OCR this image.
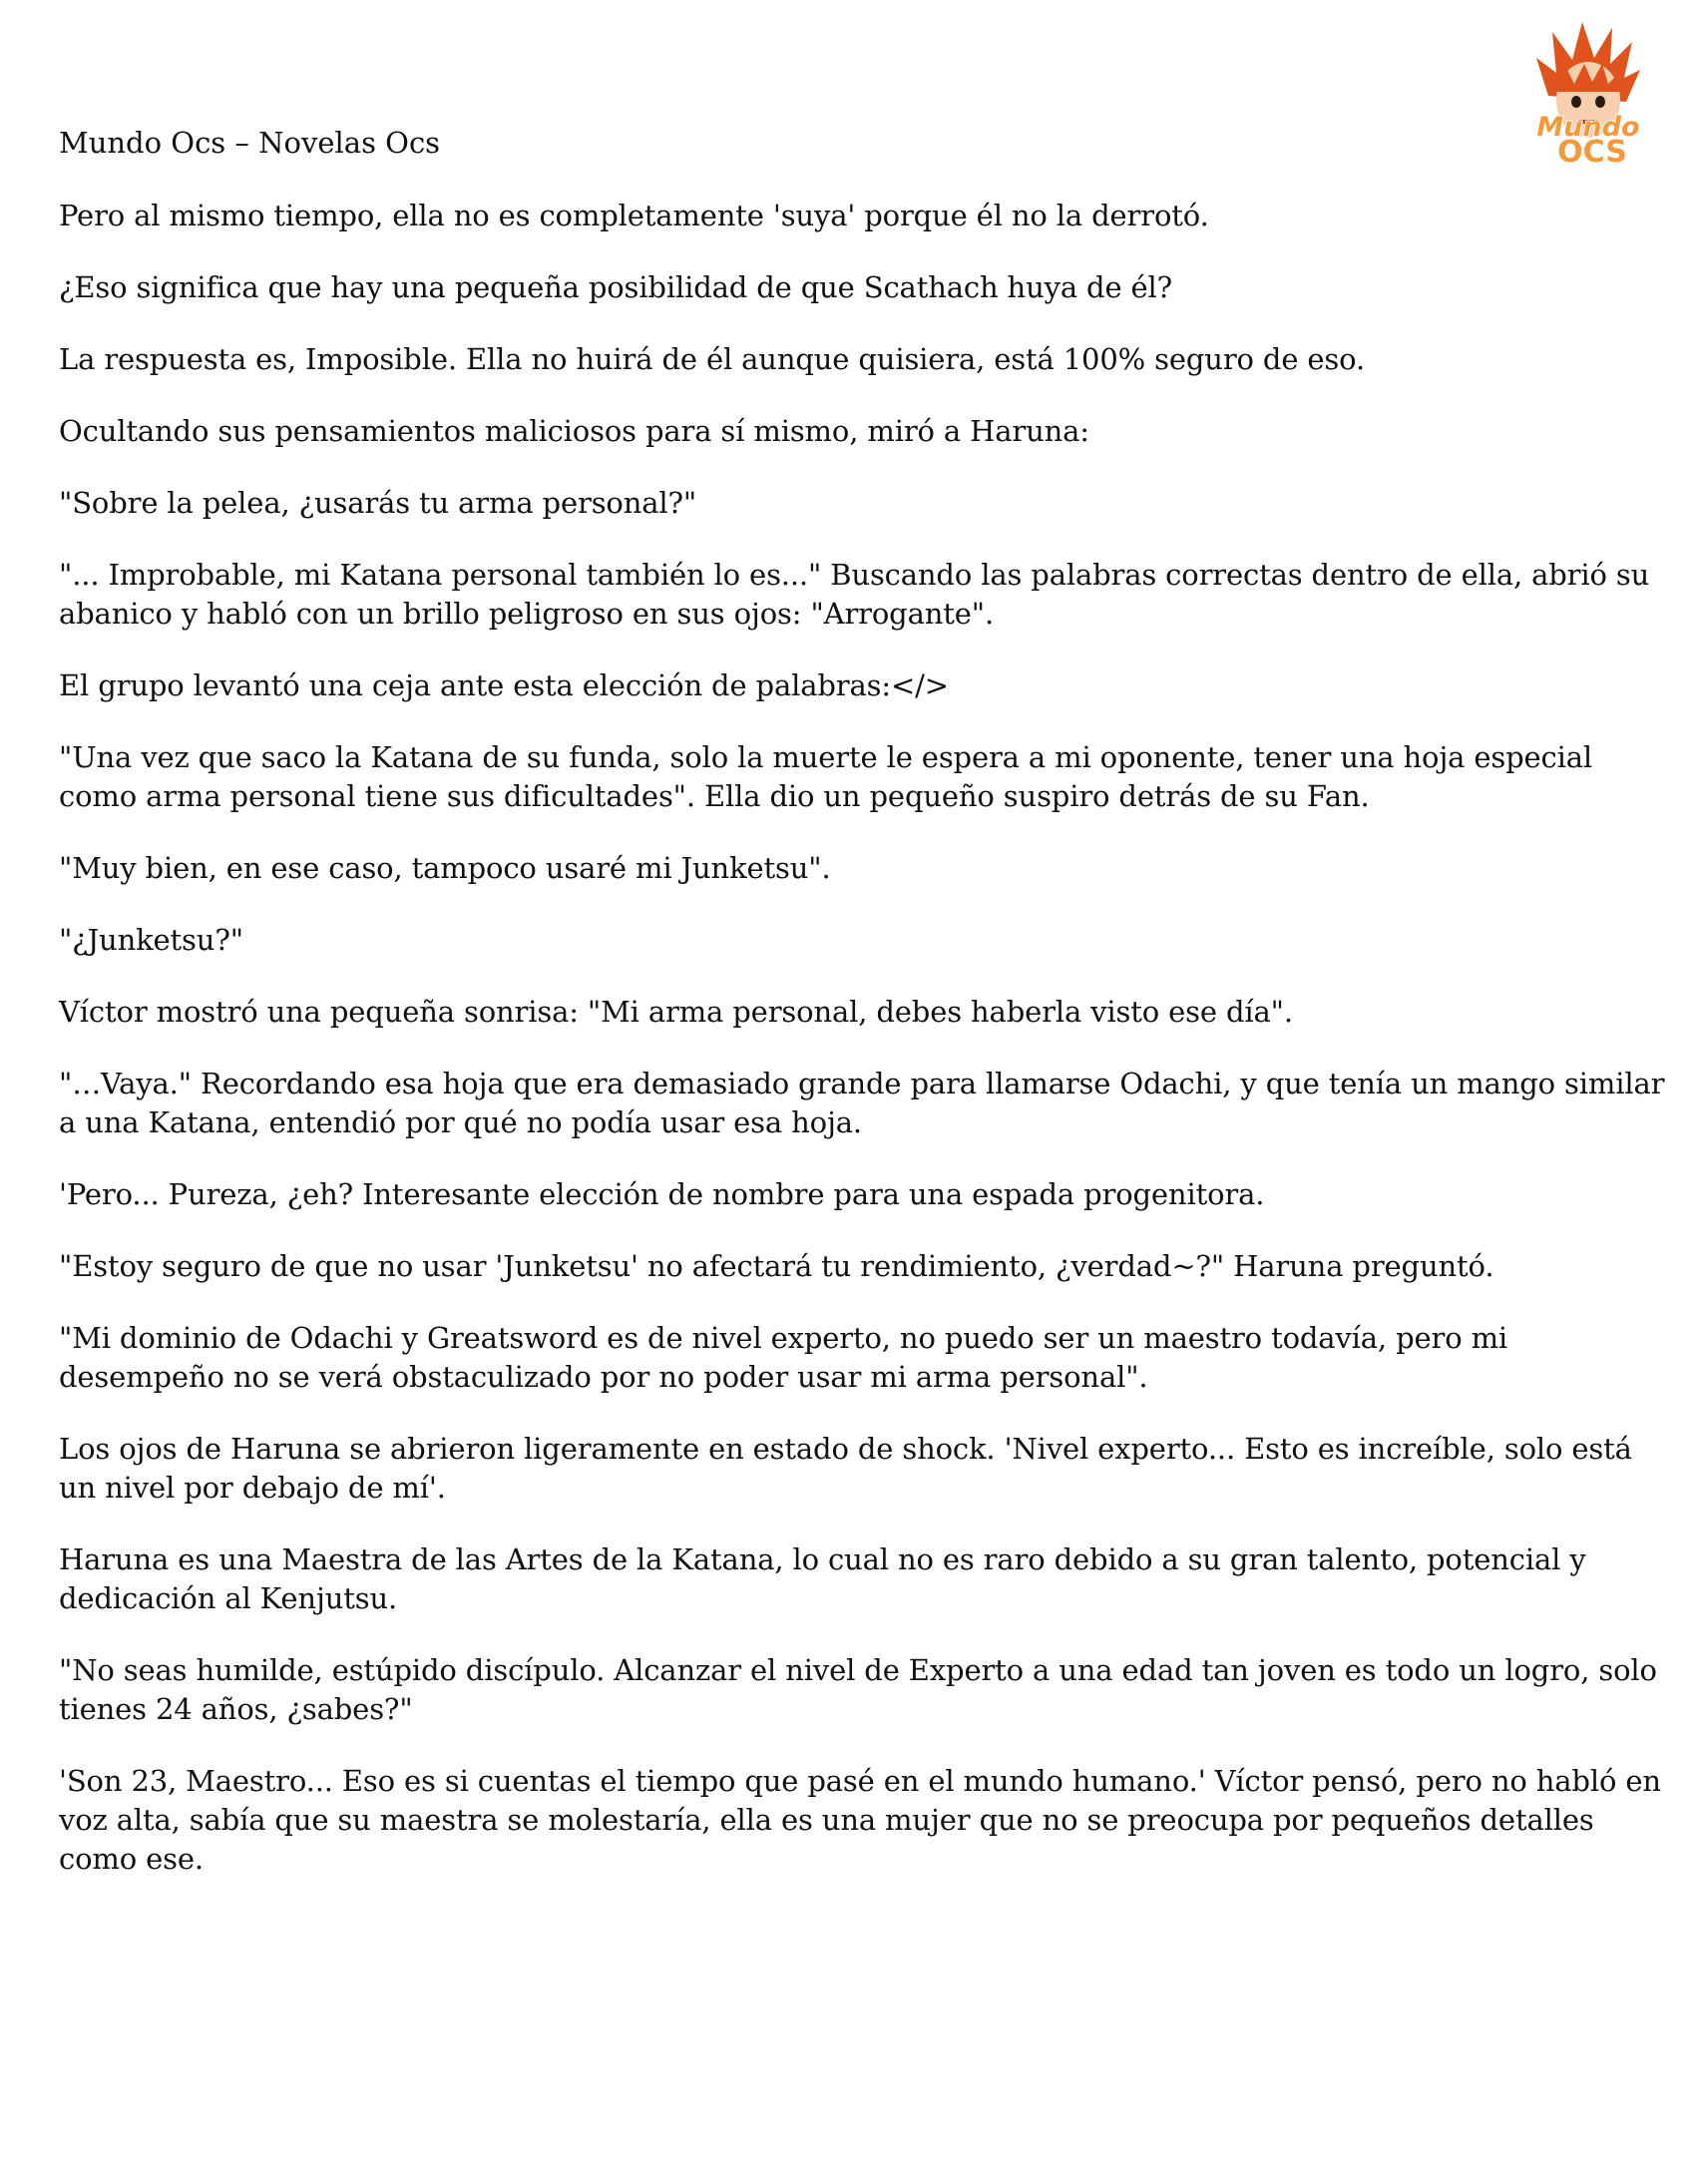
Mundo
OCS
Mundo Ocs – Novelas Ocs

Pero al mismo tiempo, ella no es completamente 'suya' porque él no la derrotó.

¿Eso significa que hay una pequeña posibilidad de que Scathach huya de él?

La respuesta es, Imposible. Ella no huirá de él aunque quisiera, está 100% seguro de eso.

Ocultando sus pensamientos maliciosos para sí mismo, miró a Haruna:

"Sobre la pelea, ¿usarás tu arma personal?"

"... Improbable, mi Katana personal también lo es..." Buscando las palabras correctas dentro de ella, abrió su abanico y habló con un brillo peligroso en sus ojos: "Arrogante".

El grupo levantó una ceja ante esta elección de palabras:</>

"Una vez que saco la Katana de su funda, solo la muerte le espera a mi oponente, tener una hoja especial como arma personal tiene sus dificultades". Ella dio un pequeño suspiro detrás de su Fan.

"Muy bien, en ese caso, tampoco usaré mi Junketsu".

"¿Junketsu?"

Víctor mostró una pequeña sonrisa: "Mi arma personal, debes haberla visto ese día".

"…Vaya." Recordando esa hoja que era demasiado grande para llamarse Odachi, y que tenía un mango similar a una Katana, entendió por qué no podía usar esa hoja.

'Pero... Pureza, ¿eh? Interesante elección de nombre para una espada progenitora.

"Estoy seguro de que no usar 'Junketsu' no afectará tu rendimiento, ¿verdad~?" Haruna preguntó.

"Mi dominio de Odachi y Greatsword es de nivel experto, no puedo ser un maestro todavía, pero mi desempeño no se verá obstaculizado por no poder usar mi arma personal".

Los ojos de Haruna se abrieron ligeramente en estado de shock. 'Nivel experto... Esto es increíble, solo está un nivel por debajo de mí'.

Haruna es una Maestra de las Artes de la Katana, lo cual no es raro debido a su gran talento, potencial y dedicación al Kenjutsu.

"No seas humilde, estúpido discípulo. Alcanzar el nivel de Experto a una edad tan joven es todo un logro, solo tienes 24 años, ¿sabes?"

'Son 23, Maestro... Eso es si cuentas el tiempo que pasé en el mundo humano.' Víctor pensó, pero no habló en voz alta, sabía que su maestra se molestaría, ella es una mujer que no se preocupa por pequeños detalles como ese.
